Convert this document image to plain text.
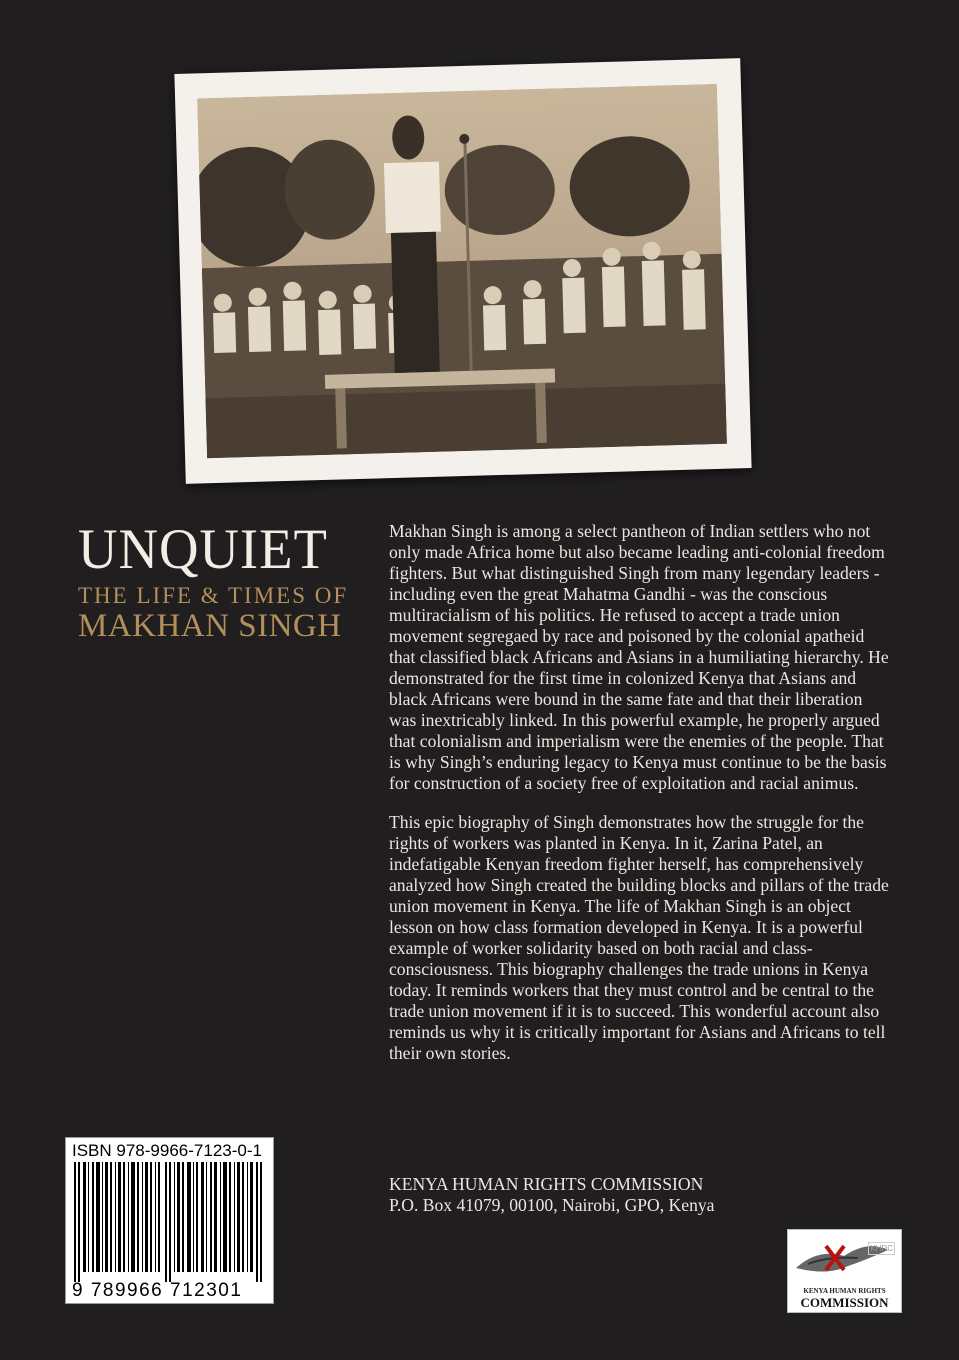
UNQUIET
THE LIFE & TIMES OF
MAKHAN SINGH

Makhan Singh is among a select pantheon of Indian settlers who not only made Africa home but also became leading anti-colonial freedom fighters. But what distinguished Singh from many legendary leaders - including even the great Mahatma Gandhi - was the conscious multiracialism of his politics. He refused to accept a trade union movement segregaed by race and poisoned by the colonial apatheid that classified black Africans and Asians in a humiliating hierarchy. He demonstrated for the first time in colonized Kenya that Asians and black Africans were bound in the same fate and that their liberation was inextricably linked. In this powerful example, he properly argued that colonialism and imperialism were the enemies of the people. That is why Singh’s enduring legacy to Kenya must continue to be the basis for construction of a society free of exploitation and racial animus.

This epic biography of Singh demonstrates how the struggle for the rights of workers was planted in Kenya. In it, Zarina Patel, an indefatigable Kenyan freedom fighter herself, has comprehensively analyzed how Singh created the building blocks and pillars of the trade union movement in Kenya. The life of Makhan Singh is an object lesson on how class formation developed in Kenya. It is a powerful example of worker solidarity based on both racial and class-consciousness. This biography challenges the trade unions in Kenya today. It reminds workers that they must control and be central to the trade union movement if it is to succeed. This wonderful account also reminds us why it is critically important for Asians and Africans to tell their own stories.

KENYA HUMAN RIGHTS COMMISSION
P.O. Box 41079, 00100, Nairobi, GPO, Kenya
ISBN 978-9966-7123-0-1
9 789966 712301
KHRC
KENYA HUMAN RIGHTS
COMMISSION
